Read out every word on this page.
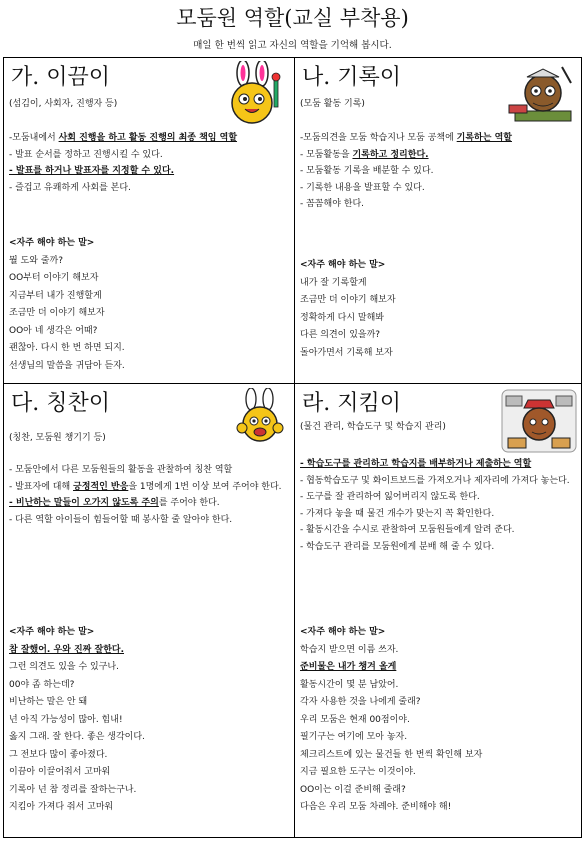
모둠원 역할(교실 부착용)
매일 한 번씩 읽고 자신의 역할을 기억해 봅시다.
가. 이끔이
(섬김이, 사회자, 진행자 등)
-모둠내에서 사회 진행을 하고 활동 진행의 최종 책임 역할
- 발표 순서를 정하고 진행시킬 수 있다.
- 발표를 하거나 발표자를 지정할 수 있다.
- 즐겁고 유쾌하게 사회를 본다.
<자주 해야 하는 말>
뭘 도와 줄까?
OO부터 이야기 해보자
지금부터 내가 진행할게
조금만 더 이야기 해보자
OO아 네 생각은 어때?
괜찮아. 다시 한 번 하면 되지.
선생님의 말씀을 귀담아 듣자.
나. 기록이
(모둠 활동 기록)
-모둠의견을 모둠 학습지나 모둠 공책에 기록하는 역할
- 모둠활동을 기록하고 정리한다.
- 모둠활동 기록을 배분할 수 있다.
- 기록한 내용을 발표할 수 있다.
- 꼼꼼해야 한다.
<자주 해야 하는 말>
내가 잘 기록할게
조금만 더 이야기 해보자
정확하게 다시 말해봐
다른 의견이 있을까?
돌아가면서 기록해 보자
다. 칭찬이
(칭찬, 모둠원 챙기기 등)
- 모둠안에서 다른 모둠원들의 활동을 관찰하여 칭찬 역할
- 발표자에 대해 긍정적인 반응을 1명에게 1번 이상 보여 주어야 한다.
- 비난하는 말들이 오가지 않도록 주의를 주어야 한다.
- 다른 역할 아이들이 힘들어할 때 봉사할 줄 알아야 한다.
<자주 해야 하는 말>
참 잘했어. 우와 진짜 잘한다.
그런 의견도 있을 수 있구나.
00야 좀 하는데?
비난하는 말은 안 돼
넌 아직 가능성이 많아. 힘내!
옳지 그래. 잘 한다. 좋은 생각이다.
그 전보다 많이 좋아졌다.
이끔아 이끌어줘서 고마워
기록아 넌 참 정리를 잘하는구나.
지킴아 가져다 줘서 고마워
라. 지킴이
(물건 관리, 학습도구 및 학습지 관리)
- 학습도구를 관리하고 학습지를 배부하거나 제출하는 역할
- 협동학습도구 및 화이트보드를 가져오거나 제자리에 가져다 놓는다.
- 도구를 잘 관리하여 잃어버리지 않도록 한다.
- 가져다 놓을 때 물건 개수가 맞는지 꼭 확인한다.
- 활동시간을 수시로 관찰하여 모둠원들에게 알려 준다.
- 학습도구 관리를 모둠원에게 분배 해 줄 수 있다.
<자주 해야 하는 말>
학습지 받으면 이름 쓰자.
준비물은 내가 챙겨 올게
활동시간이 몇 분 남았어.
각자 사용한 것을 나에게 줄래?
우리 모둠은 현재 00점이야.
필기구는 여기에 모아 놓자.
체크리스트에 있는 물건들 한 번씩 확인해 보자
지금 필요한 도구는 이것이야.
OO이는 이걸 준비해 줄래?
다음은 우리 모둠 차례야. 준비해야 해!
